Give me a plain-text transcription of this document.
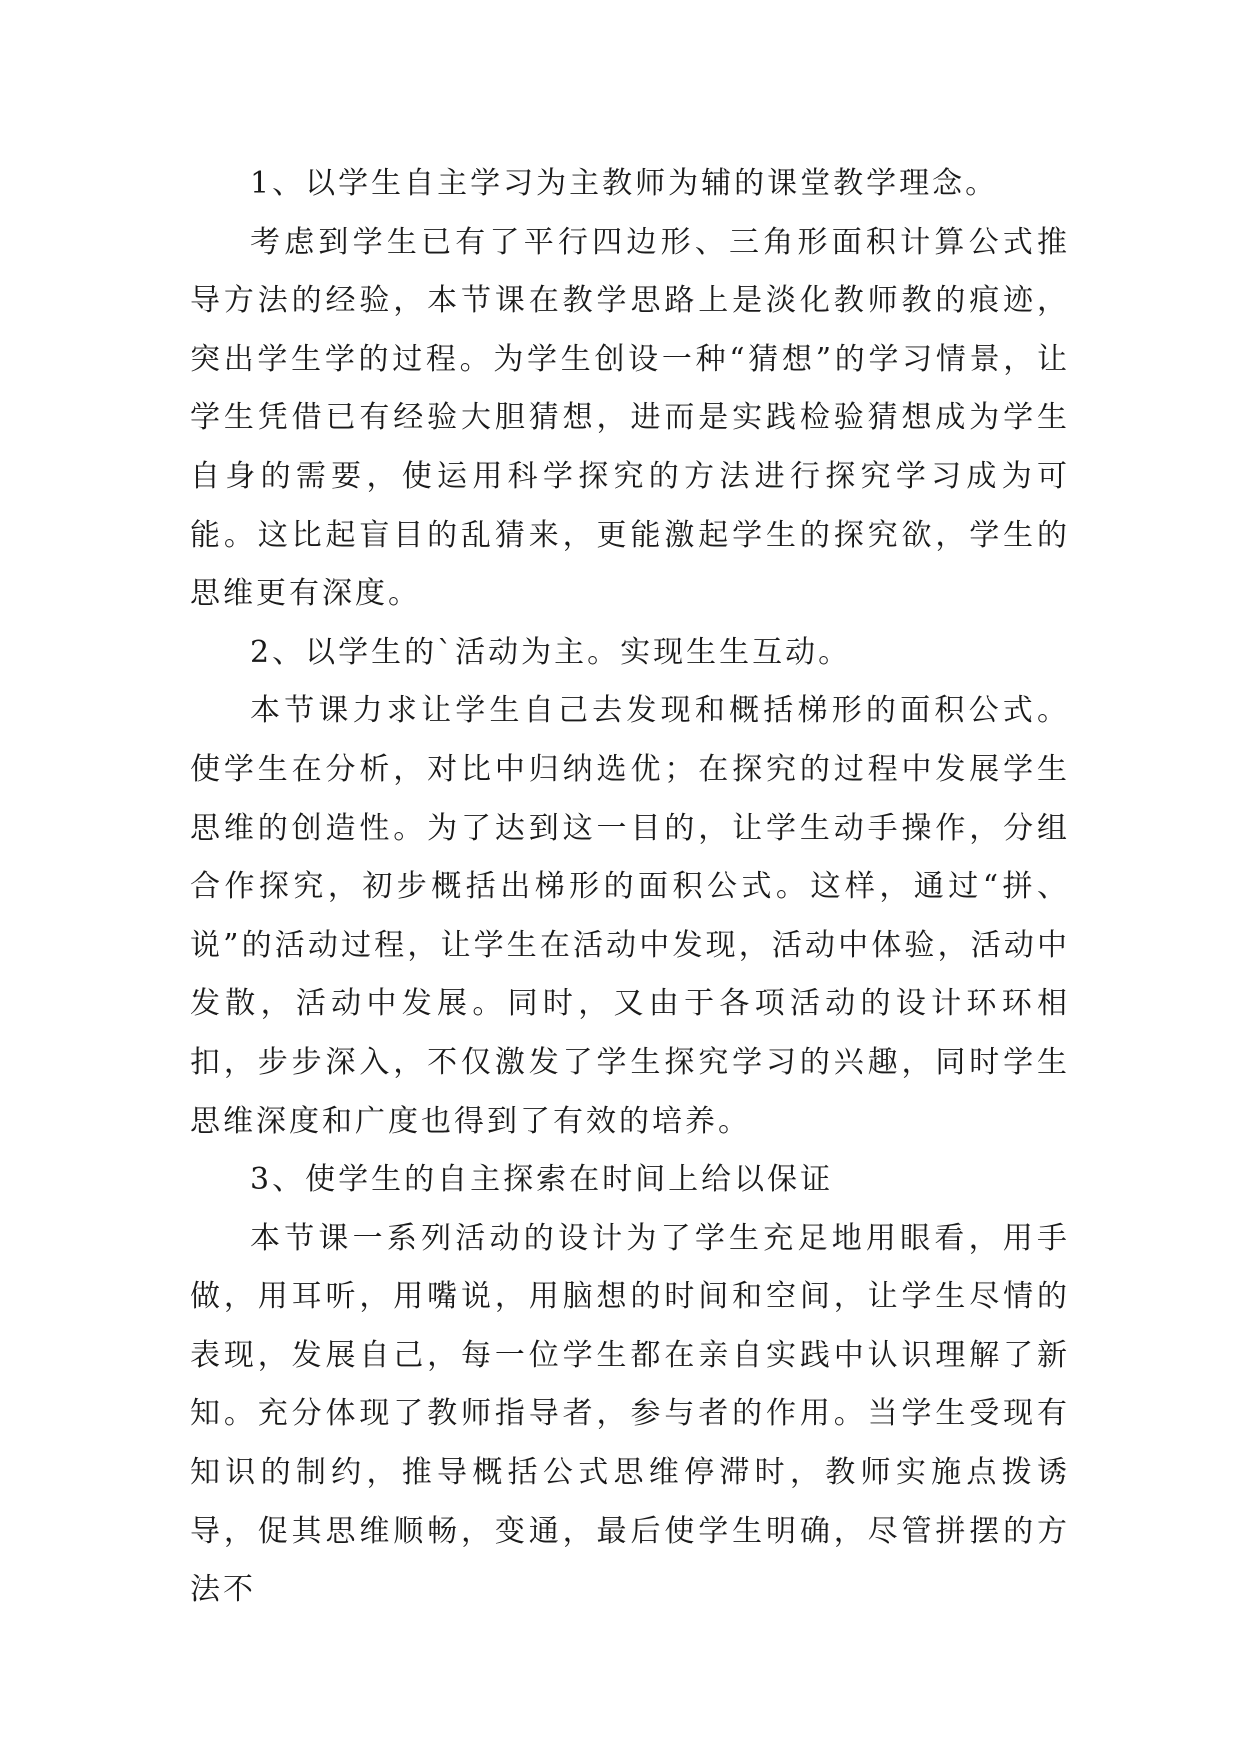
1、以学生自主学习为主教师为辅的课堂教学理念。

考虑到学生已有了平行四边形、三角形面积计算公式推导方法的经验，本节课在教学思路上是淡化教师教的痕迹，突出学生学的过程。为学生创设一种“猜想”的学习情景，让学生凭借已有经验大胆猜想，进而是实践检验猜想成为学生自身的需要，使运用科学探究的方法进行探究学习成为可能。这比起盲目的乱猜来，更能激起学生的探究欲，学生的思维更有深度。

2、以学生的`活动为主。实现生生互动。

本节课力求让学生自己去发现和概括梯形的面积公式。使学生在分析，对比中归纳选优；在探究的过程中发展学生思维的创造性。为了达到这一目的，让学生动手操作，分组合作探究，初步概括出梯形的面积公式。这样，通过“拼、说”的活动过程，让学生在活动中发现，活动中体验，活动中发散，活动中发展。同时，又由于各项活动的设计环环相扣，步步深入，不仅激发了学生探究学习的兴趣，同时学生思维深度和广度也得到了有效的培养。

3、使学生的自主探索在时间上给以保证

本节课一系列活动的设计为了学生充足地用眼看，用手做，用耳听，用嘴说，用脑想的时间和空间，让学生尽情的表现，发展自己，每一位学生都在亲自实践中认识理解了新知。充分体现了教师指导者，参与者的作用。当学生受现有知识的制约，推导概括公式思维停滞时，教师实施点拨诱导，促其思维顺畅，变通，最后使学生明确，尽管拼摆的方法不
